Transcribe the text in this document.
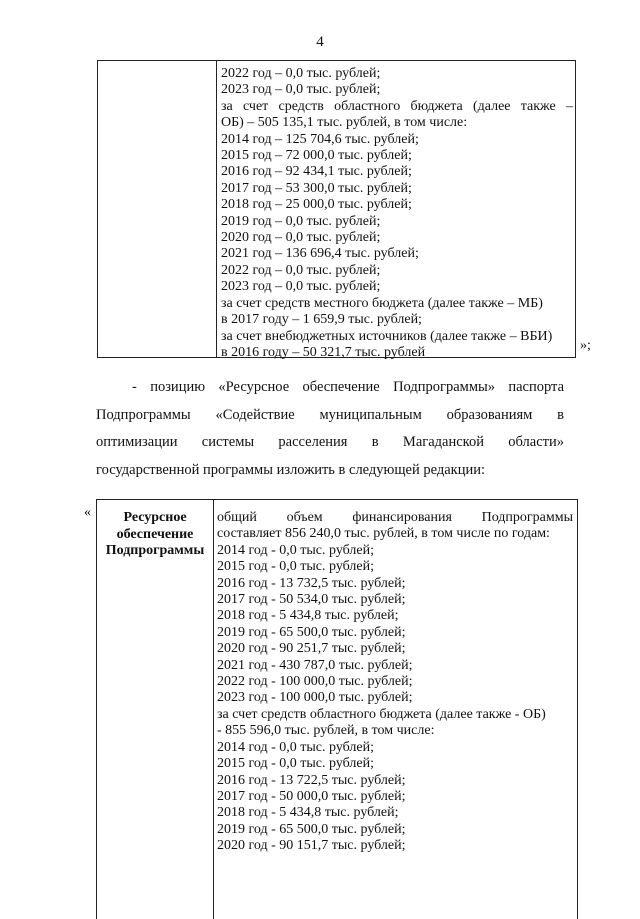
4
2022 год – 0,0 тыс. рублей;
2023 год – 0,0 тыс. рублей;
за счет средств областного бюджета (далее также –
ОБ) – 505 135,1 тыс. рублей, в том числе:
2014 год – 125 704,6 тыс. рублей;
2015 год – 72 000,0 тыс. рублей;
2016 год – 92 434,1 тыс. рублей;
2017 год – 53 300,0 тыс. рублей;
2018 год – 25 000,0 тыс. рублей;
2019 год – 0,0 тыс. рублей;
2020 год – 0,0 тыс. рублей;
2021 год – 136 696,4 тыс. рублей;
2022 год – 0,0 тыс. рублей;
2023 год – 0,0 тыс. рублей;
за счет средств местного бюджета (далее также – МБ)
в 2017 году – 1 659,9 тыс. рублей;
за счет внебюджетных источников (далее также – ВБИ)
в 2016 году – 50 321,7 тыс. рублей	»;
- позицию «Ресурсное обеспечение Подпрограммы» паспорта
Подпрограммы «Содействие муниципальным образованиям в
оптимизации системы расселения в Магаданской области»
государственной программы изложить в следующей редакции:
«	Ресурсное обеспечение Подпрограммы
общий объем финансирования Подпрограммы
составляет 856 240,0 тыс. рублей, в том числе по годам:
2014 год - 0,0 тыс. рублей;
2015 год - 0,0 тыс. рублей;
2016 год - 13 732,5 тыс. рублей;
2017 год - 50 534,0 тыс. рублей;
2018 год - 5 434,8 тыс. рублей;
2019 год - 65 500,0 тыс. рублей;
2020 год - 90 251,7 тыс. рублей;
2021 год - 430 787,0 тыс. рублей;
2022 год - 100 000,0 тыс. рублей;
2023 год - 100 000,0 тыс. рублей;
за счет средств областного бюджета (далее также - ОБ)
- 855 596,0 тыс. рублей, в том числе:
2014 год - 0,0 тыс. рублей;
2015 год - 0,0 тыс. рублей;
2016 год - 13 722,5 тыс. рублей;
2017 год - 50 000,0 тыс. рублей;
2018 год - 5 434,8 тыс. рублей;
2019 год - 65 500,0 тыс. рублей;
2020 год - 90 151,7 тыс. рублей;
